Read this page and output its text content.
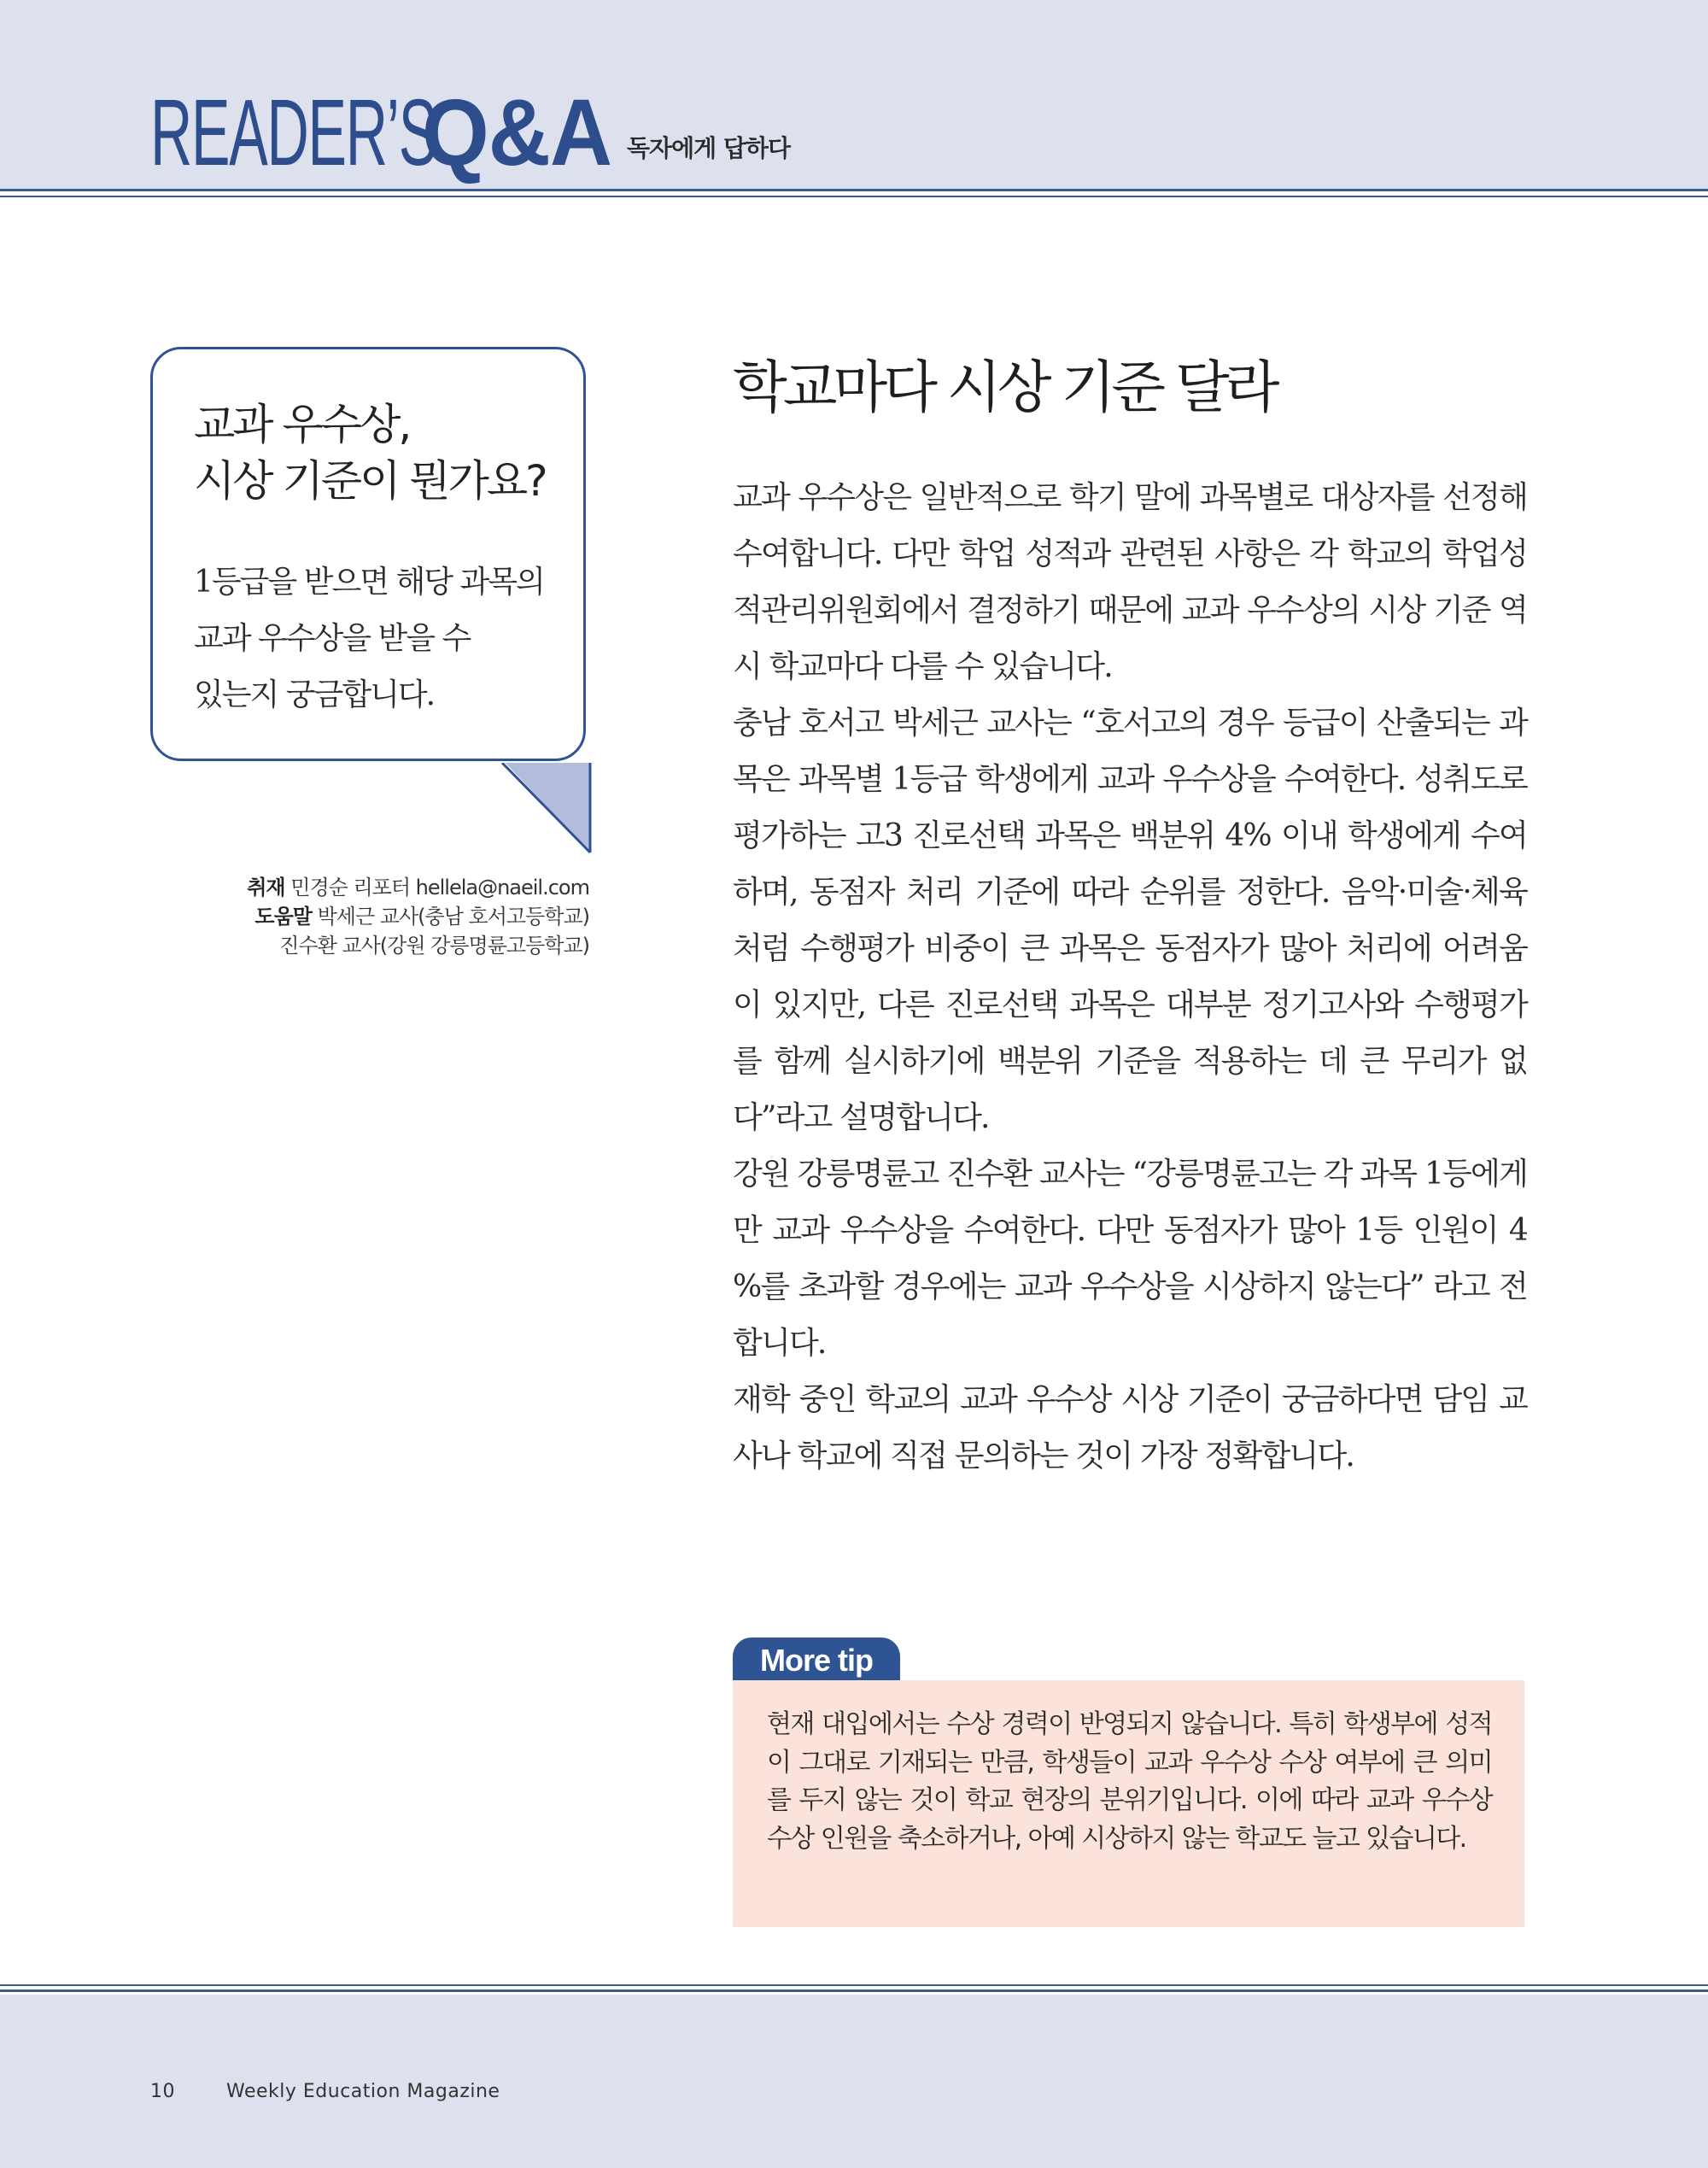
READER’S
Q&A 독자에게 답하다
교과 우수상,
시상 기준이 뭔가요?
1등급을 받으면 해당 과목의
교과 우수상을 받을 수
있는지 궁금합니다.
취재 민경순 리포터 hellela@naeil.com
도움말 박세근 교사(충남 호서고등학교)
진수환 교사(강원 강릉명륜고등학교)
학교마다 시상 기준 달라

교과 우수상은 일반적으로 학기 말에 과목별로 대상자를 선정해 수여합니다. 다만 학업 성적과 관련된 사항은 각 학교의 학업성적관리위원회에서 결정하기 때문에 교과 우수상의 시상 기준 역시 학교마다 다를 수 있습니다.

충남 호서고 박세근 교사는 “호서고의 경우 등급이 산출되는 과목은 과목별 1등급 학생에게 교과 우수상을 수여한다. 성취도로 평가하는 고3 진로선택 과목은 백분위 4% 이내 학생에게 수여하며, 동점자 처리 기준에 따라 순위를 정한다. 음악·미술·체육처럼 수행평가 비중이 큰 과목은 동점자가 많아 처리에 어려움이 있지만, 다른 진로선택 과목은 대부분 정기고사와 수행평가를 함께 실시하기에 백분위 기준을 적용하는 데 큰 무리가 없다”라고 설명합니다.

강원 강릉명륜고 진수환 교사는 “강릉명륜고는 각 과목 1등에게만 교과 우수상을 수여한다. 다만 동점자가 많아 1등 인원이 4 %를 초과할 경우에는 교과 우수상을 시상하지 않는다” 라고 전합니다.

재학 중인 학교의 교과 우수상 시상 기준이 궁금하다면 담임 교사나 학교에 직접 문의하는 것이 가장 정확합니다.

More tip

현재 대입에서는 수상 경력이 반영되지 않습니다. 특히 학생부에 성적이 그대로 기재되는 만큼, 학생들이 교과 우수상 수상 여부에 큰 의미를 두지 않는 것이 학교 현장의 분위기입니다. 이에 따라 교과 우수상 수상 인원을 축소하거나, 아예 시상하지 않는 학교도 늘고 있습니다.

10	Weekly Education Magazine
